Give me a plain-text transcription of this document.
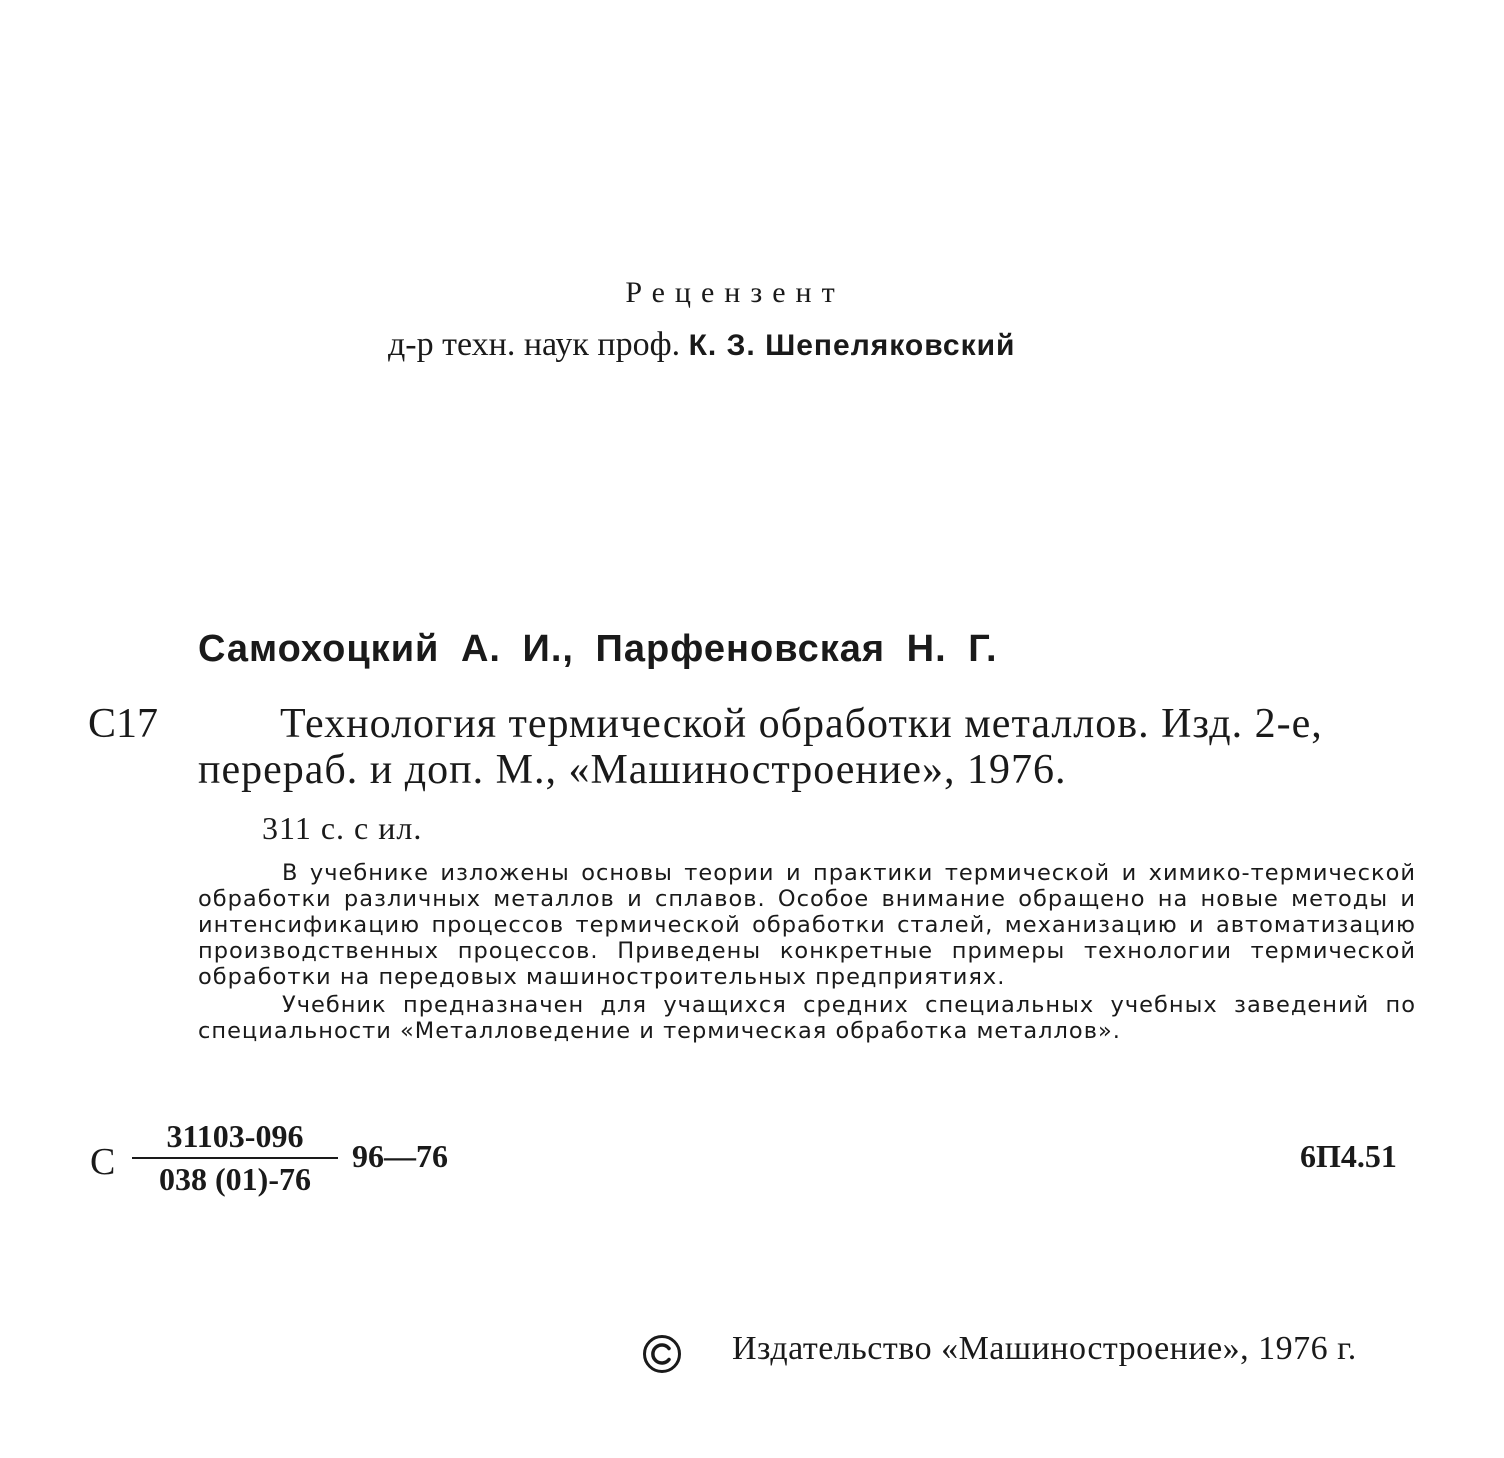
Рецензент
д-р техн. наук проф. К. З. Шепеляковский
Самохоцкий А. И., Парфеновская Н. Г.
С17	Технология термической обработки металлов. Изд. 2-е,
перераб. и доп. М., «Машиностроение», 1976.
311 с. с ил.

В учебнике изложены основы теории и практики термической и химико-термической обработки различных металлов и сплавов. Особое внимание обращено на новые методы и интенсификацию процессов термической обработки сталей, механизацию и автоматизацию производственных процессов. Приведены конкретные примеры технологии термической обработки на передовых машиностроительных предприятиях.

Учебник предназначен для учащихся средних специальных учебных заведений по специальности «Металловедение и термическая обработка металлов».

С $\frac{31103-096}{038 (01)-76}$ 96—76	6П4.51
Издательство «Машиностроение», 1976 г.
